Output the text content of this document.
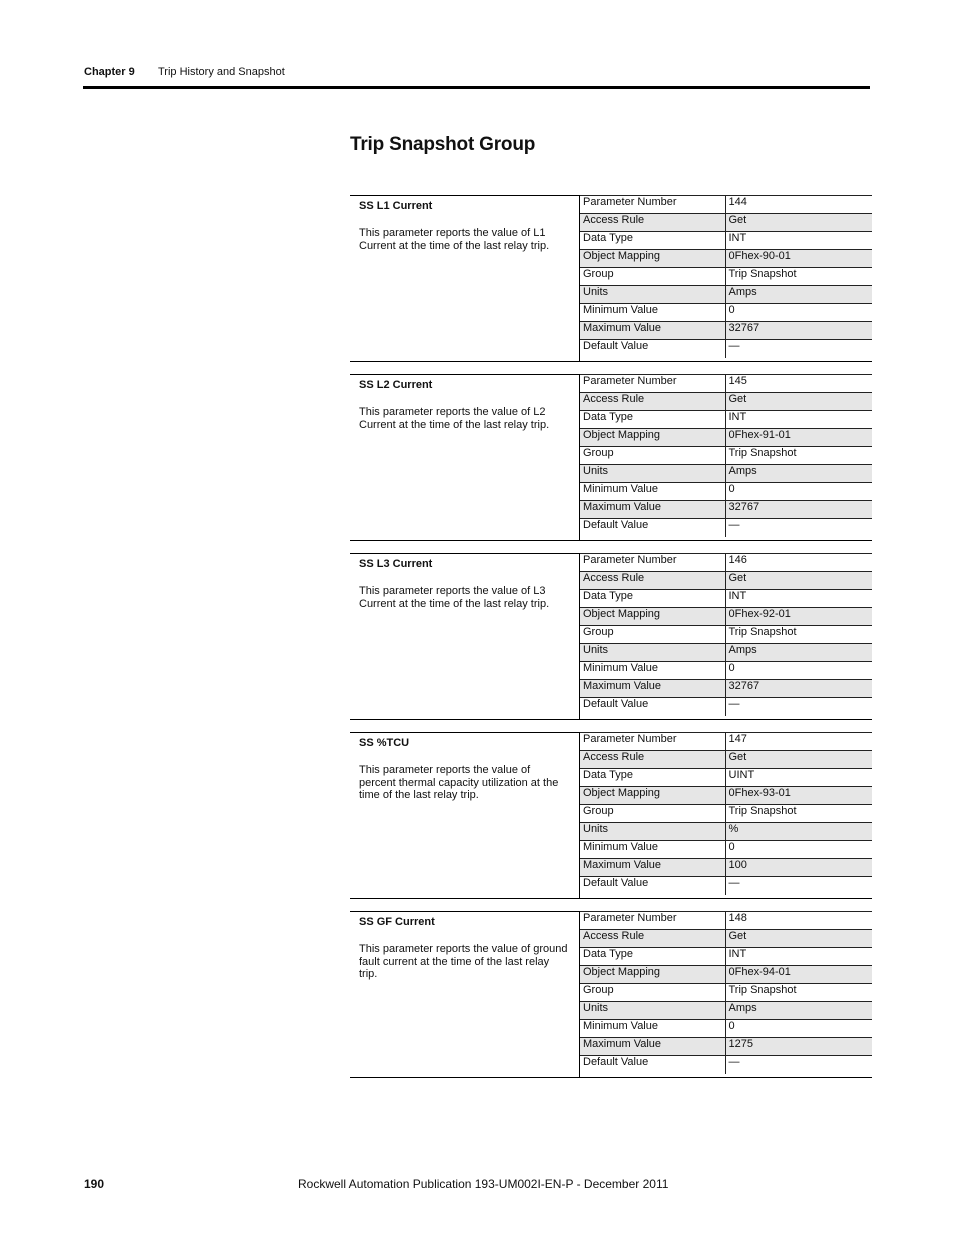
Chapter 9 Trip History and Snapshot
Trip Snapshot Group
SS L1 Current

This parameter reports the value of L1 Current at the time of the last relay trip.

Parameter Number	144
Access Rule	Get
Data Type	INT
Object Mapping	0Fhex-90-01
Group	Trip Snapshot
Units	Amps
Minimum Value	0
Maximum Value	32767
Default Value	—
SS L2 Current

This parameter reports the value of L2 Current at the time of the last relay trip.

Parameter Number	145
Access Rule	Get
Data Type	INT
Object Mapping	0Fhex-91-01
Group	Trip Snapshot
Units	Amps
Minimum Value	0
Maximum Value	32767
Default Value	—
SS L3 Current

This parameter reports the value of L3 Current at the time of the last relay trip.

Parameter Number	146
Access Rule	Get
Data Type	INT
Object Mapping	0Fhex-92-01
Group	Trip Snapshot
Units	Amps
Minimum Value	0
Maximum Value	32767
Default Value	—
SS %TCU

This parameter reports the value of percent thermal capacity utilization at the time of the last relay trip.

Parameter Number	147
Access Rule	Get
Data Type	UINT
Object Mapping	0Fhex-93-01
Group	Trip Snapshot
Units	%
Minimum Value	0
Maximum Value	100
Default Value	—
SS GF Current

This parameter reports the value of ground fault current at the time of the last relay trip.

Parameter Number	148
Access Rule	Get
Data Type	INT
Object Mapping	0Fhex-94-01
Group	Trip Snapshot
Units	Amps
Minimum Value	0
Maximum Value	1275
Default Value	—
190	Rockwell Automation Publication 193-UM002I-EN-P - December 2011
